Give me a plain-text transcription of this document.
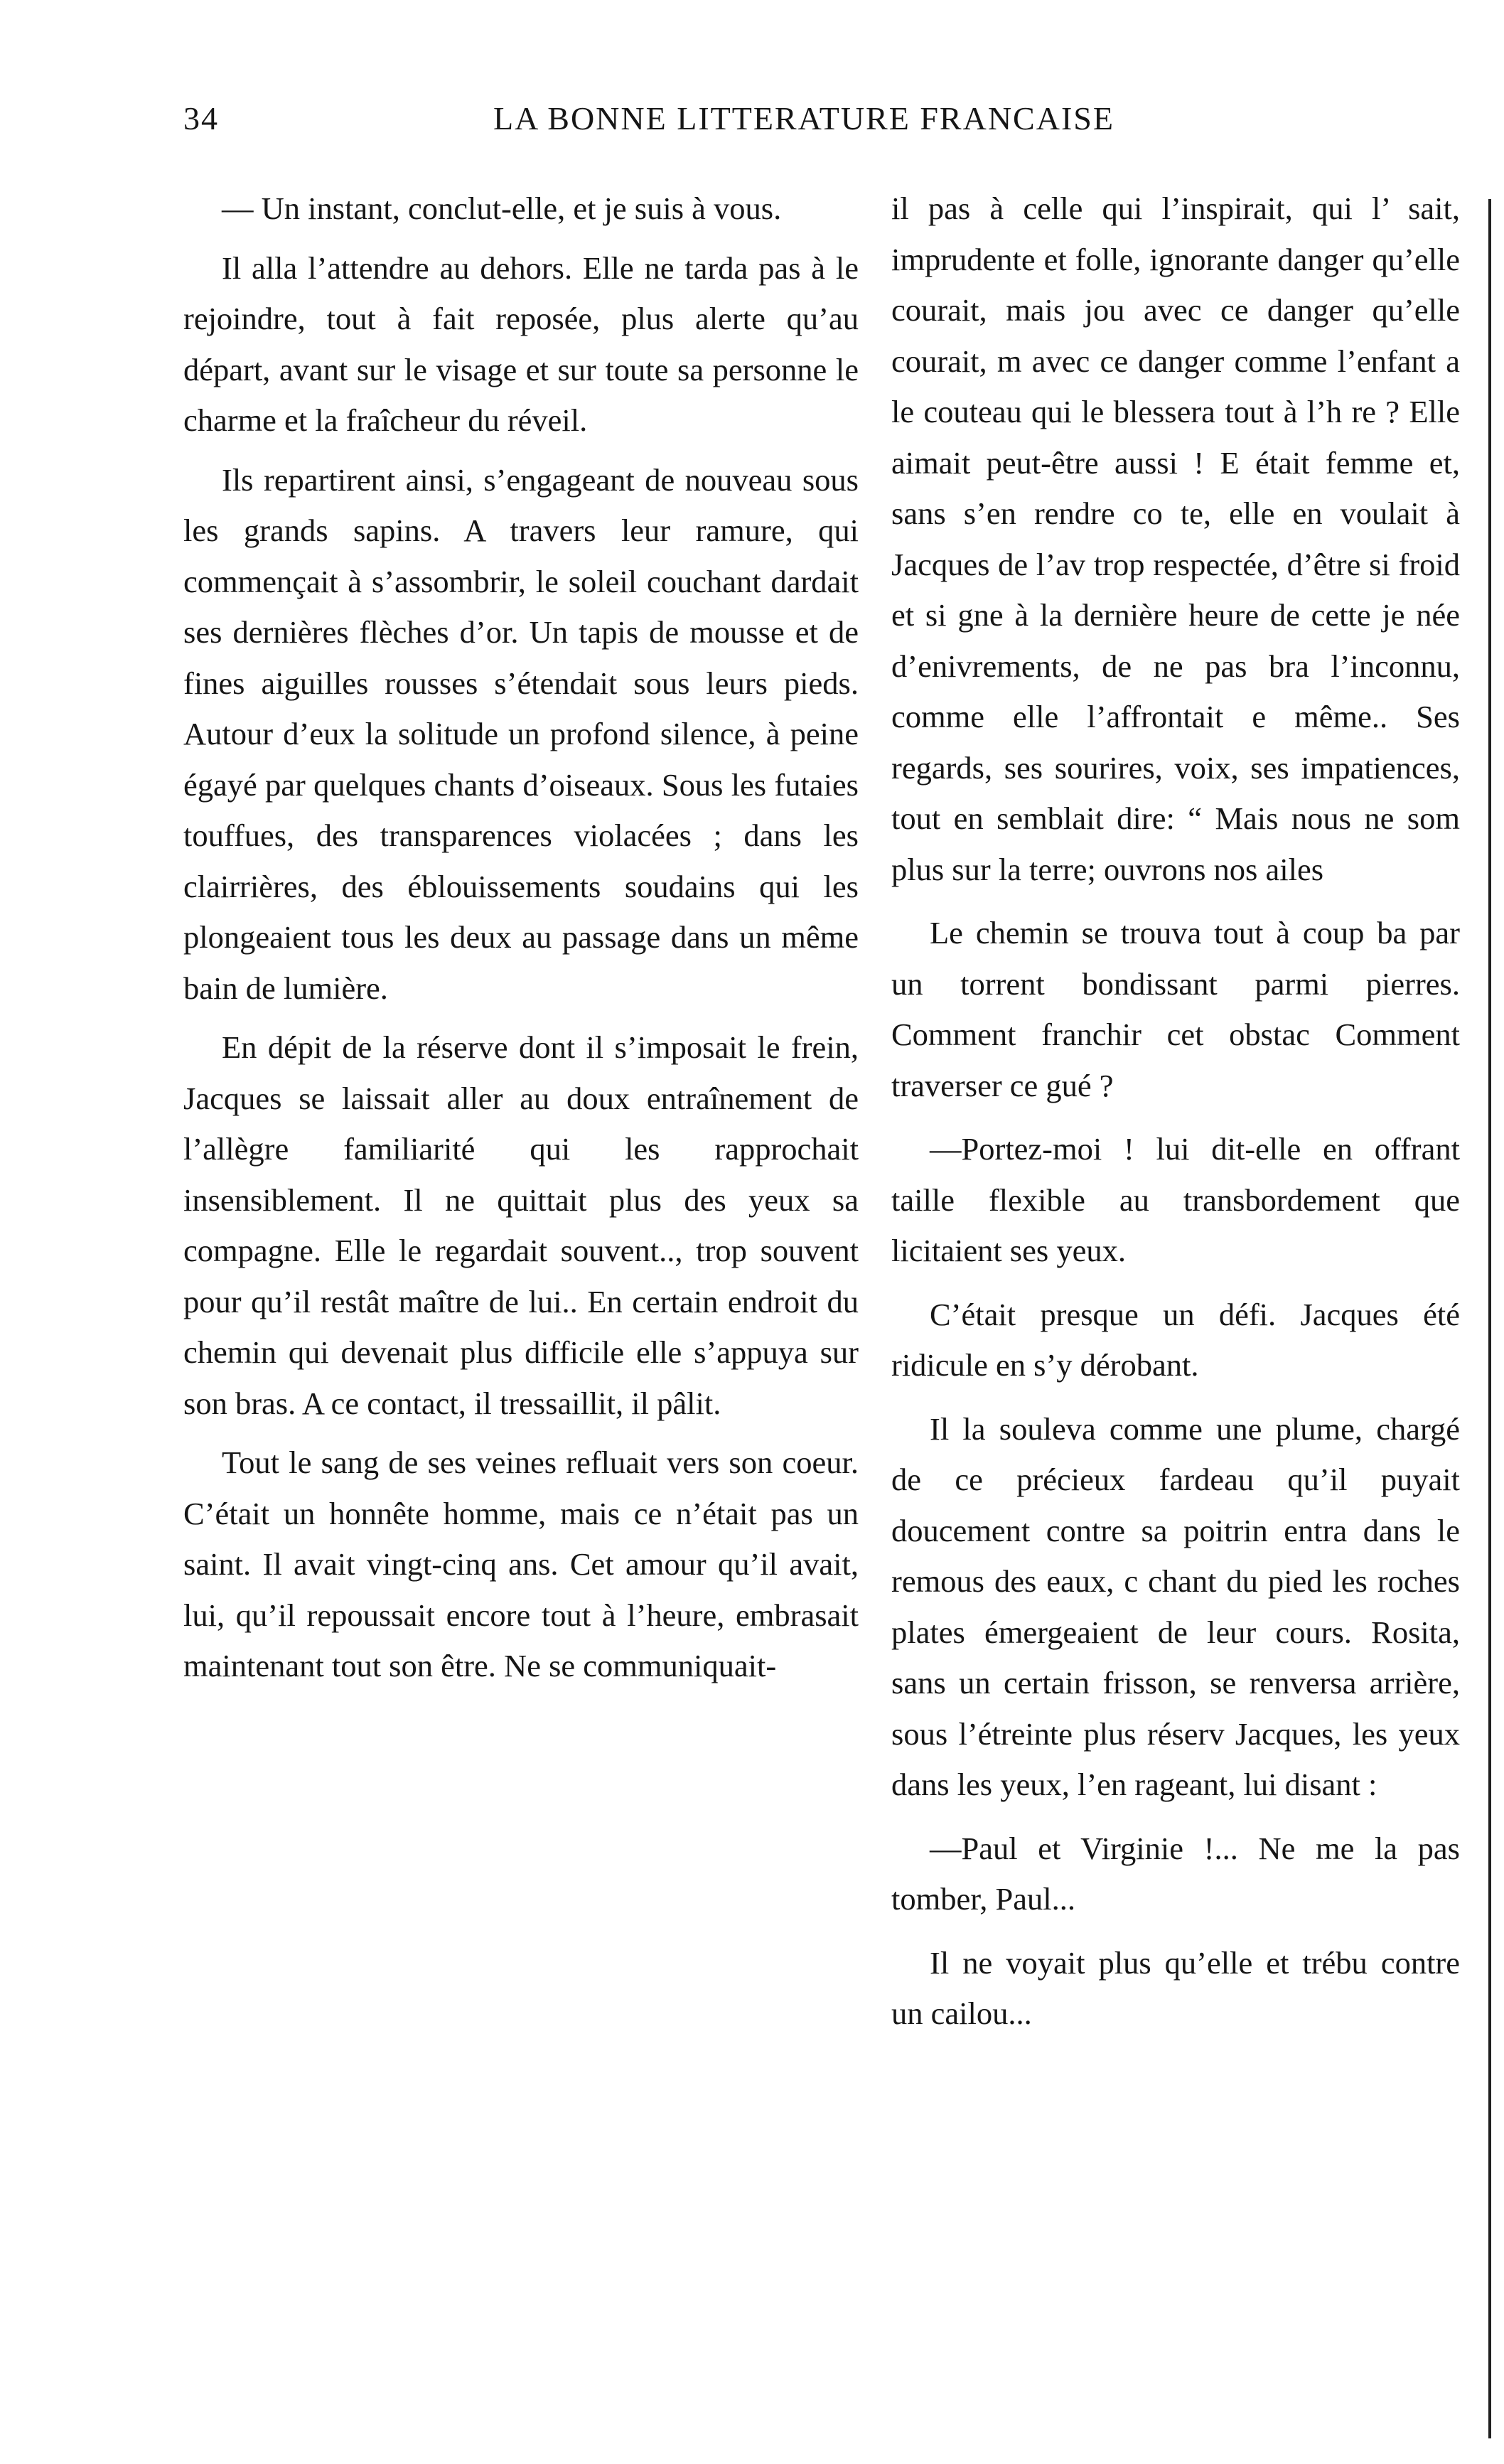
34	LA BONNE LITTERATURE FRANCAISE

— Un instant, conclut-elle, et je suis à vous.

Il alla l’attendre au dehors. Elle ne tarda pas à le rejoindre, tout à fait reposée, plus alerte qu’au départ, avant sur le visage et sur toute sa personne le charme et la fraîcheur du réveil.

Ils repartirent ainsi, s’engageant de nouveau sous les grands sapins. A travers leur ramure, qui commençait à s’assombrir, le soleil couchant dardait ses dernières flèches d’or. Un tapis de mousse et de fines aiguilles rousses s’étendait sous leurs pieds. Autour d’eux la solitude un profond silence, à peine égayé par quelques chants d’oiseaux. Sous les futaies touffues, des transparences violacées ; dans les clairrières, des éblouissements soudains qui les plongeaient tous les deux au passage dans un même bain de lumière.

En dépit de la réserve dont il s’imposait le frein, Jacques se laissait aller au doux entraînement de l’allègre familiarité qui les rapprochait insensiblement. Il ne quittait plus des yeux sa compagne. Elle le regardait souvent.., trop souvent pour qu’il restât maître de lui.. En certain endroit du chemin qui devenait plus difficile elle s’appuya sur son bras. A ce contact, il tressaillit, il pâlit.

Tout le sang de ses veines refluait vers son coeur. C’était un honnête homme, mais ce n’était pas un saint. Il avait vingt-cinq ans. Cet amour qu’il avait, lui, qu’il repoussait encore tout à l’heure, embrasait maintenant tout son être. Ne se communiquait-

il pas à celle qui l’inspirait, qui l’ sait, imprudente et folle, ignorante danger qu’elle courait, mais jou avec ce danger qu’elle courait, m avec ce danger comme l’enfant a le couteau qui le blessera tout à l’h re ? Elle aimait peut-être aussi ! E était femme et, sans s’en rendre co te, elle en voulait à Jacques de l’av trop respectée, d’être si froid et si gne à la dernière heure de cette je née d’enivrements, de ne pas bra l’inconnu, comme elle l’affrontait e même.. Ses regards, ses sourires, voix, ses impatiences, tout en semblait dire: “ Mais nous ne som plus sur la terre; ouvrons nos ailes

Le chemin se trouva tout à coup ba par un torrent bondissant parmi pierres. Comment franchir cet obstac Comment traverser ce gué ?

—Portez-moi ! lui dit-elle en offrant taille flexible au transbordement que licitaient ses yeux.

C’était presque un défi. Jacques été ridicule en s’y dérobant.

Il la souleva comme une plume, chargé de ce précieux fardeau qu’il puyait doucement contre sa poitrin entra dans le remous des eaux, c chant du pied les roches plates émergeaient de leur cours. Rosita, sans un certain frisson, se renversa arrière, sous l’étreinte plus réserv Jacques, les yeux dans les yeux, l’en rageant, lui disant :

—Paul et Virginie !... Ne me la pas tomber, Paul...

Il ne voyait plus qu’elle et trébu contre un cailou...
